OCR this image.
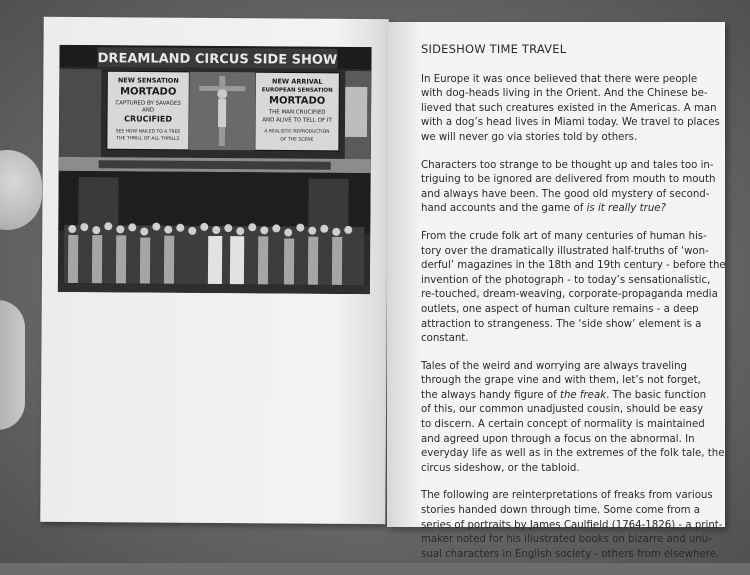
DREAMLAND CIRCUS SIDE SHOW
NEW SENSATION
MORTADO
CAPTURED BY SAVAGES
AND
CRUCIFIED
SEE HOW NAILED TO A TREE
THE THRILL OF ALL THRILLS
NEW ARRIVAL
EUROPEAN SENSATION
MORTADO
THE MAN CRUCIFIED
AND ALIVE TO TELL OF IT
A REALISTIC REPRODUCTION
OF THE SCENE
SIDESHOW TIME TRAVEL
In Europe it was once believed that there were people
with dog-heads living in the Orient. And the Chinese be-
lieved that such creatures existed in the Americas. A man
with a dog’s head lives in Miami today. We travel to places
we will never go via stories told by others.
Characters too strange to be thought up and tales too in-
triguing to be ignored are delivered from mouth to mouth
and always have been. The good old mystery of second-
hand accounts and the game of is it really true?
From the crude folk art of many centuries of human his-
tory over the dramatically illustrated half-truths of ‘won-
derful’ magazines in the 18th and 19th century - before the
invention of the photograph - to today’s sensationalistic,
re-touched, dream-weaving, corporate-propaganda media
outlets, one aspect of human culture remains - a deep
attraction to strangeness. The ‘side show’ element is a
constant.
Tales of the weird and worrying are always traveling
through the grape vine and with them, let’s not forget,
the always handy figure of the freak. The basic function
of this, our common unadjusted cousin, should be easy
to discern. A certain concept of normality is maintained
and agreed upon through a focus on the abnormal. In
everyday life as well as in the extremes of the folk tale, the
circus sideshow, or the tabloid.
The following are reinterpretations of freaks from various
stories handed down through time. Some come from a
series of portraits by James Caulfield (1764-1826) - a print-
maker noted for his illustrated books on bizarre and unu-
sual characters in English society - others from elsewhere.
